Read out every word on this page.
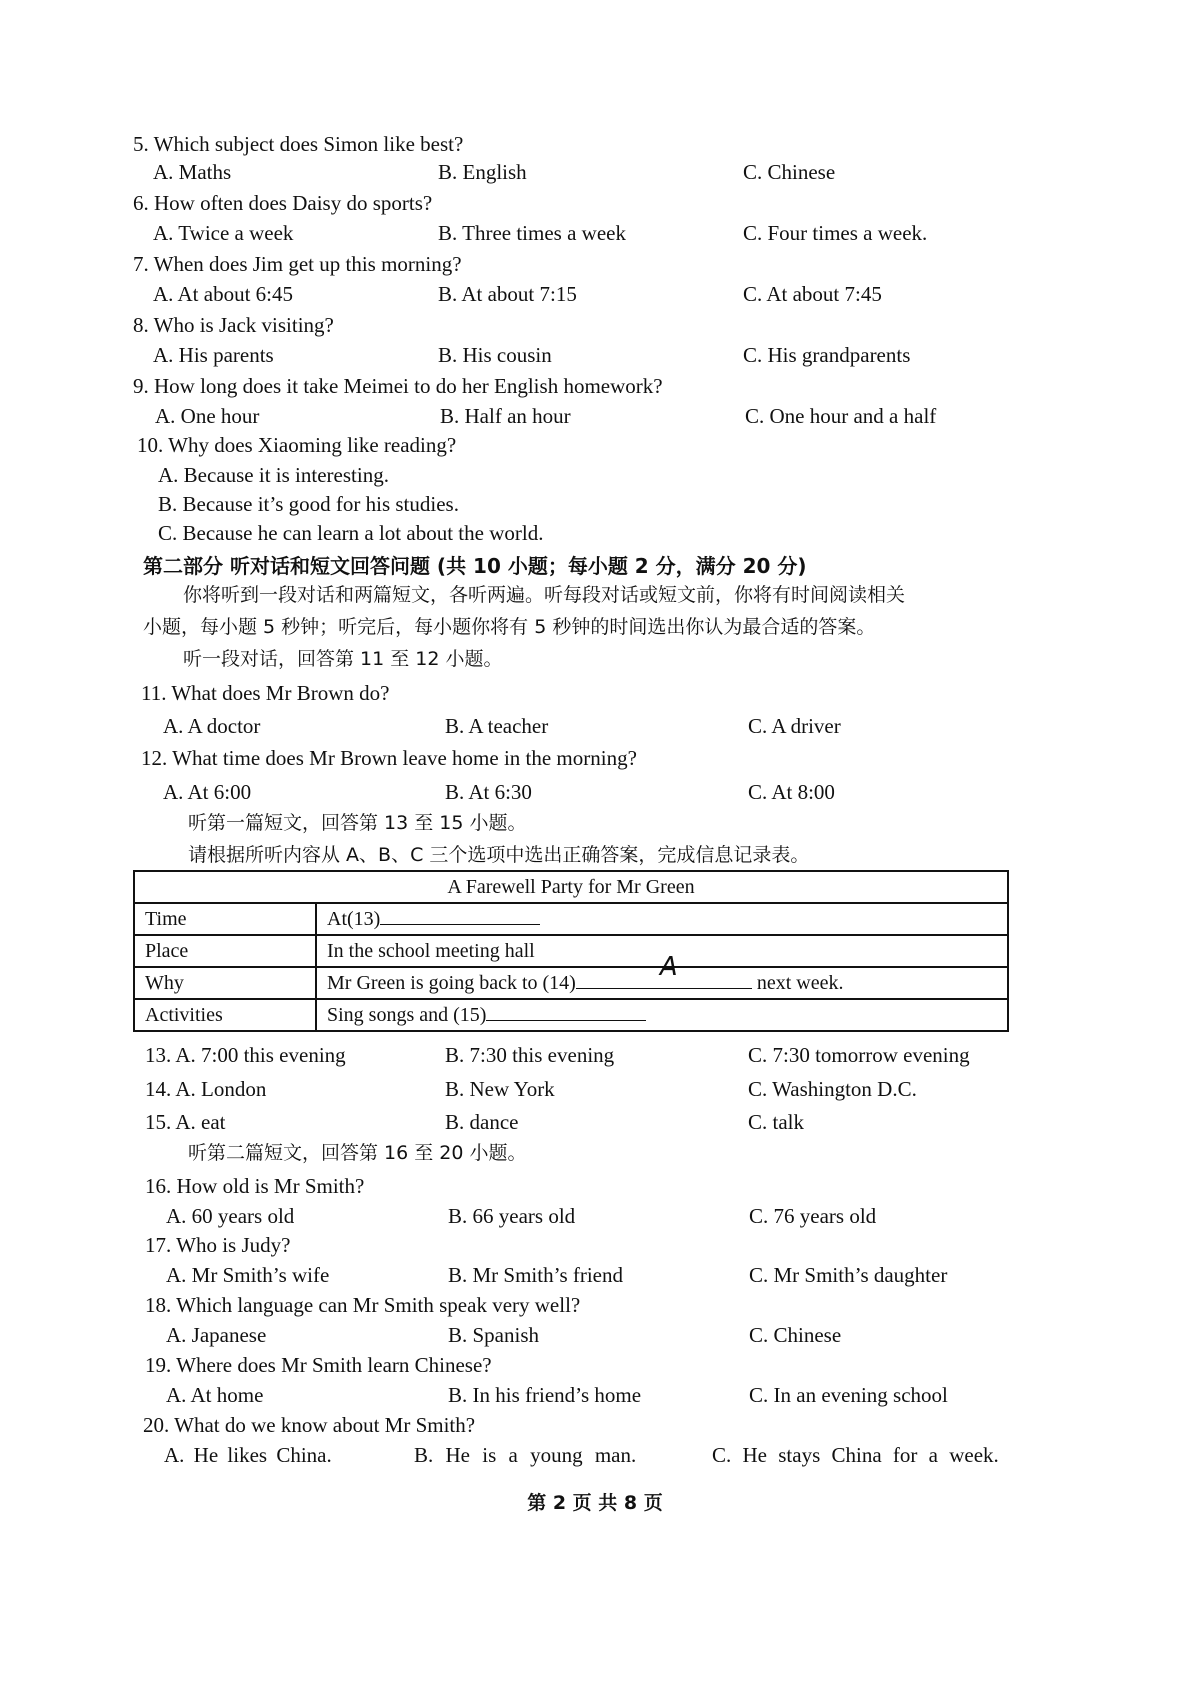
5. Which subject does Simon like best?
A. Maths	B. English	C. Chinese
6. How often does Daisy do sports?
A. Twice a week	B. Three times a week	C. Four times a week.
7. When does Jim get up this morning?
A. At about 6:45	B. At about 7:15	C. At about 7:45
8. Who is Jack visiting?
A. His parents	B. His cousin	C. His grandparents
9. How long does it take Meimei to do her English homework?
A. One hour	B. Half an hour	C. One hour and a half
10. Why does Xiaoming like reading?
A. Because it is interesting.
B. Because it’s good for his studies.
C. Because he can learn a lot about the world.
第二部分 听对话和短文回答问题 (共 10 小题；每小题 2 分，满分 20 分)
你将听到一段对话和两篇短文，各听两遍。听每段对话或短文前，你将有时间阅读相关
小题，每小题 5 秒钟；听完后，每小题你将有 5 秒钟的时间选出你认为最合适的答案。
听一段对话，回答第 11 至 12 小题。
11. What does Mr Brown do?
A. A doctor	B. A teacher	C. A driver
12. What time does Mr Brown leave home in the morning?
A. At 6:00	B. At 6:30	C. At 8:00
听第一篇短文，回答第 13 至 15 小题。
请根据所听内容从 A、B、C 三个选项中选出正确答案，完成信息记录表。
A Farewell Party for Mr Green	
Time	At(13)
Place	In the school meeting hall
Why	Mr Green is going back to (14)
A
next week.
Activities	Sing songs and (15)
13. A. 7:00 this evening	B. 7:30 this evening	C. 7:30 tomorrow evening
14. A. London	B. New York	C. Washington D.C.
15. A. eat	B. dance	C. talk
听第二篇短文，回答第 16 至 20 小题。
16. How old is Mr Smith?
A. 60 years old	B. 66 years old	C. 76 years old
17. Who is Judy?
A. Mr Smith’s wife	B. Mr Smith’s friend	C. Mr Smith’s daughter
18. Which language can Mr Smith speak very well?
A. Japanese	B. Spanish	C. Chinese
19. Where does Mr Smith learn Chinese?
A. At home	B. In his friend’s home	C. In an evening school
20. What do we know about Mr Smith?
A. He likes China.	B. He is a young man.	C. He stays China for a week.
第 2 页 共 8 页
